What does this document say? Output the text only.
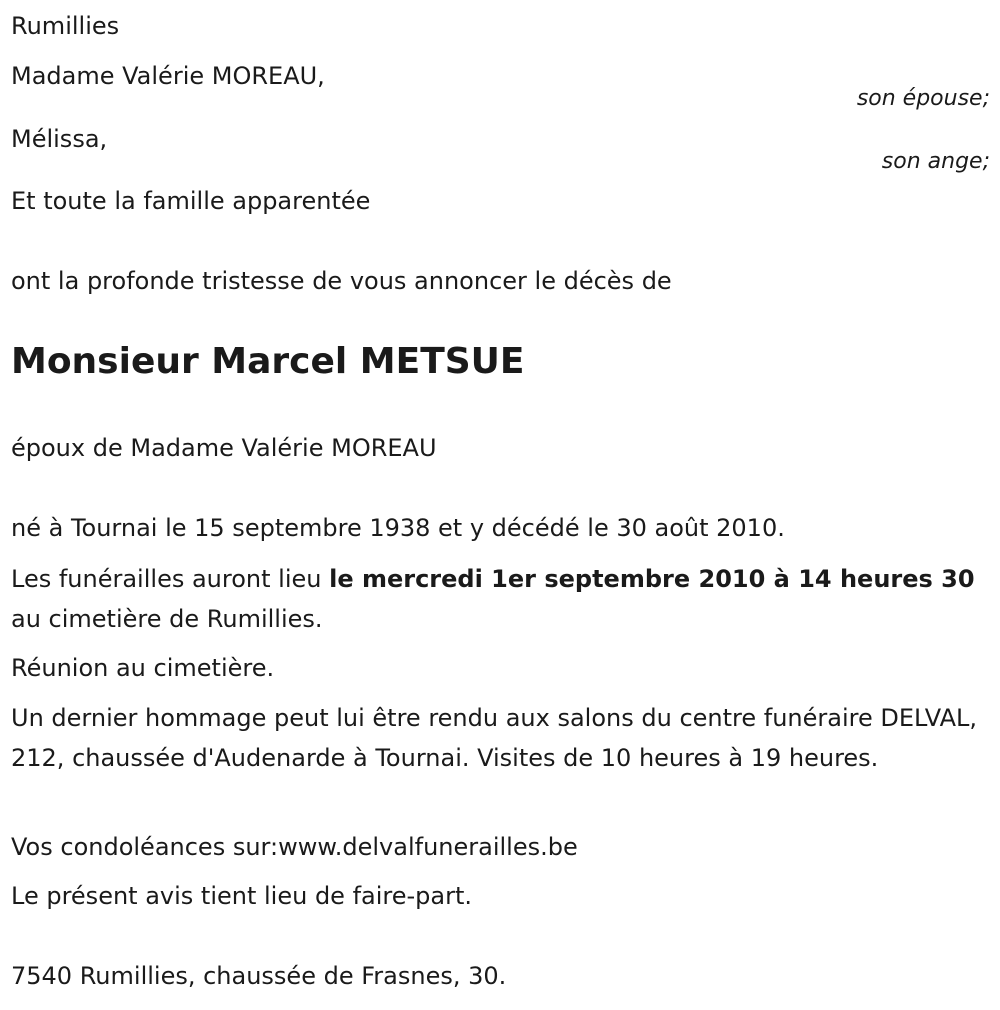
Rumillies

Madame Valérie MOREAU,

son épouse;

Mélissa,

son ange;

Et toute la famille apparentée

ont la profonde tristesse de vous annoncer le décès de

Monsieur Marcel METSUE

époux de Madame Valérie MOREAU

né à Tournai le 15 septembre 1938 et y décédé le 30 août 2010.

Les funérailles auront lieu le mercredi 1er septembre 2010 à 14 heures 30 au cimetière de Rumillies.

Réunion au cimetière.

Un dernier hommage peut lui être rendu aux salons du centre funéraire DELVAL, 212, chaussée d'Audenarde à Tournai. Visites de 10 heures à 19 heures.

Vos condoléances sur:www.delvalfunerailles.be

Le présent avis tient lieu de faire-part.

7540 Rumillies, chaussée de Frasnes, 30.
